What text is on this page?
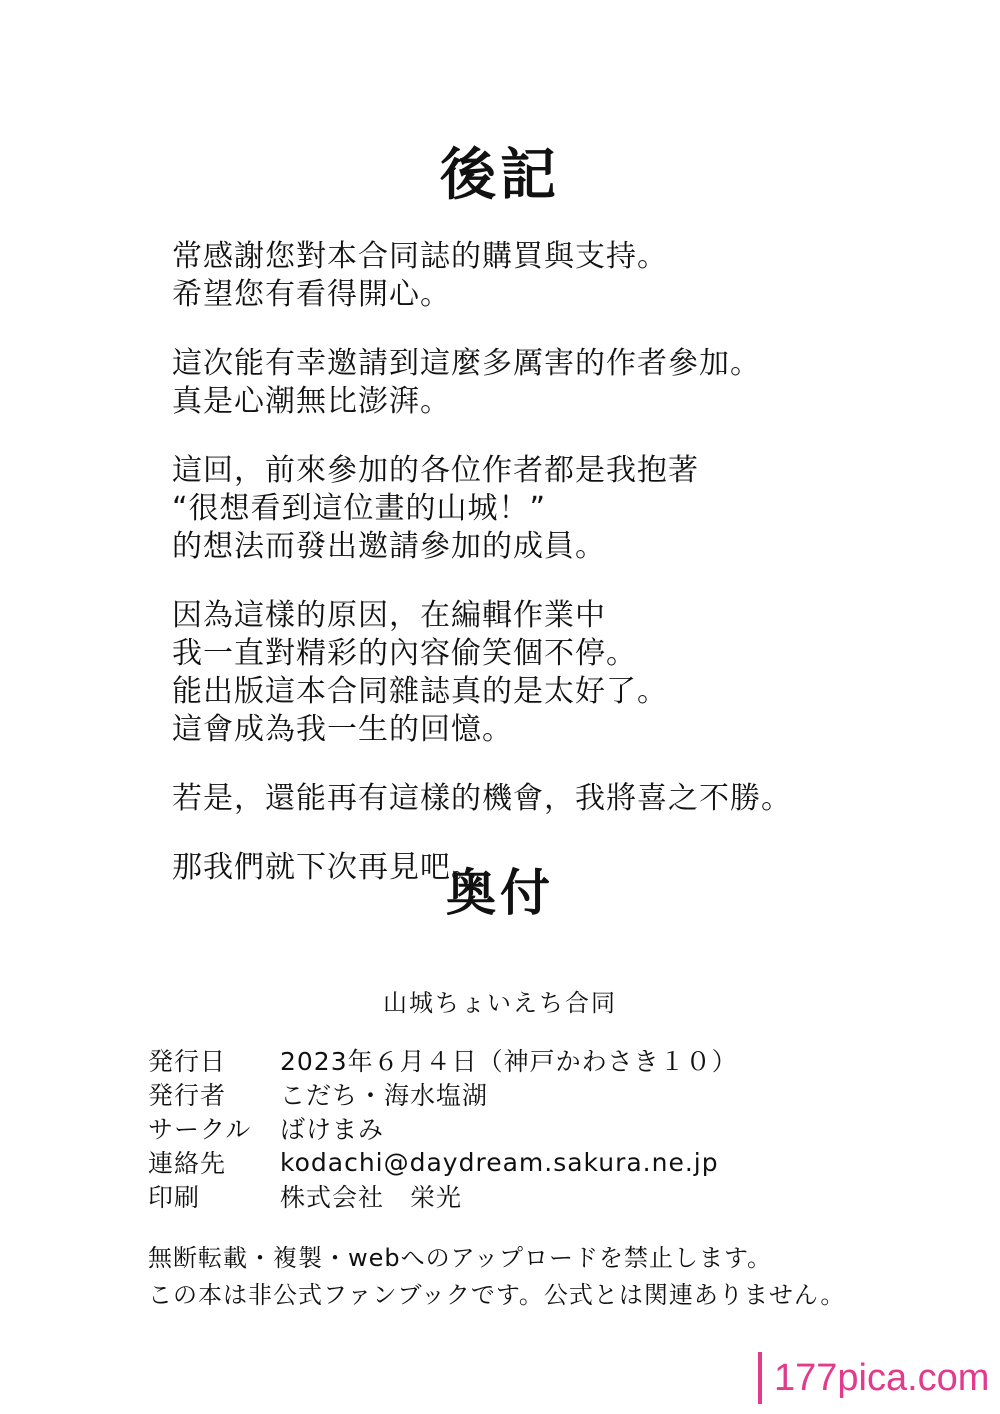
後記
常感謝您對本合同誌的購買與支持。
希望您有看得開心。
這次能有幸邀請到這麼多厲害的作者參加。
真是心潮無比澎湃。
這回，前來參加的各位作者都是我抱著
“很想看到這位畫的山城！”
的想法而發出邀請參加的成員。
因為這樣的原因，在編輯作業中
我一直對精彩的內容偷笑個不停。
能出版這本合同雜誌真的是太好了。
這會成為我一生的回憶。
若是，還能再有這樣的機會，我將喜之不勝。
那我們就下次再見吧。
奥付
山城ちょいえち合同
発行日	2023年６月４日（神戸かわさき１０）
発行者	こだち・海水塩湖
サークル	ばけまみ
連絡先	kodachi@daydream.sakura.ne.jp
印刷	株式会社　栄光
無断転載・複製・webへのアップロードを禁止します。
この本は非公式ファンブックです。公式とは関連ありません。
177pica.com
